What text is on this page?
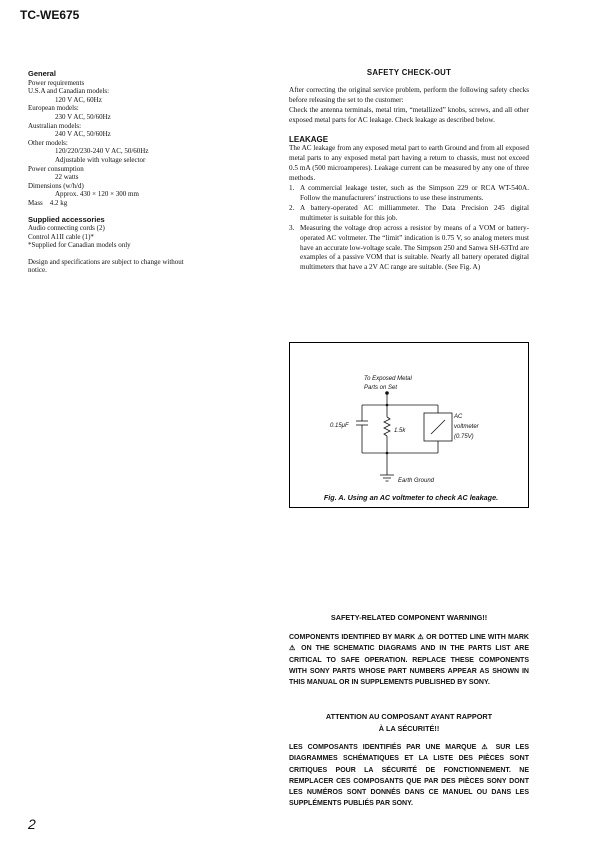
TC-WE675
General
Power requirements
U.S.A and Canadian models:
120 V AC, 60Hz
European models:
230 V AC, 50/60Hz
Australian models:
240 V AC, 50/60Hz
Other models:
120/220/230-240 V AC, 50/60Hz
Adjustable with voltage selector
Power consumption
22 watts
Dimensions (w/h/d)
Approx. 430 × 120 × 300 mm
Mass 4.2 kg
Supplied accessories
Audio connecting cords (2)
Control A1II cable (1)*
*Supplied for Canadian models only
Design and specifications are subject to change without notice.
SAFETY CHECK-OUT
After correcting the original service problem, perform the following safety checks before releasing the set to the customer:
Check the antenna terminals, metal trim, “metallized” knobs, screws, and all other exposed metal parts for AC leakage. Check leakage as described below.
LEAKAGE
The AC leakage from any exposed metal part to earth Ground and from all exposed metal parts to any exposed metal part having a return to chassis, must not exceed 0.5 mA (500 microamperes). Leakage current can be measured by any one of three methods.
1. A commercial leakage tester, such as the Simpson 229 or RCA WT-540A. Follow the manufacturers’ instructions to use these instruments.
2. A battery-operated AC milliammeter. The Data Precision 245 digital multimeter is suitable for this job.
3. Measuring the voltage drop across a resistor by means of a VOM or battery-operated AC voltmeter. The “limit” indication is 0.75 V, so analog meters must have an accurate low-voltage scale. The Simpson 250 and Sanwa SH-63Trd are examples of a passive VOM that is suitable. Nearly all battery operated digital multimeters that have a 2V AC range are suitable. (See Fig. A)
To Exposed Metal
Parts on Set
0.15μF
1.5k
AC
voltmeter
(0.75V)
Earth Ground
Fig. A. Using an AC voltmeter to check AC leakage.
SAFETY-RELATED COMPONENT WARNING!!
COMPONENTS IDENTIFIED BY MARK ⚠ OR DOTTED LINE WITH MARK ⚠ ON THE SCHEMATIC DIAGRAMS AND IN THE PARTS LIST ARE CRITICAL TO SAFE OPERATION. REPLACE THESE COMPONENTS WITH SONY PARTS WHOSE PART NUMBERS APPEAR AS SHOWN IN THIS MANUAL OR IN SUPPLEMENTS PUBLISHED BY SONY.
ATTENTION AU COMPOSANT AYANT RAPPORT
À LA SÉCURITÉ!!
LES COMPOSANTS IDENTIFIÉS PAR UNE MARQUE ⚠ SUR LES DIAGRAMMES SCHÉMATIQUES ET LA LISTE DES PIÈCES SONT CRITIQUES POUR LA SÉCURITÉ DE FONCTIONNEMENT. NE REMPLACER CES COMPOSANTS QUE PAR DES PIÈCES SONY DONT LES NUMÉROS SONT DONNÉS DANS CE MANUEL OU DANS LES SUPPLÉMENTS PUBLIÉS PAR SONY.
2
